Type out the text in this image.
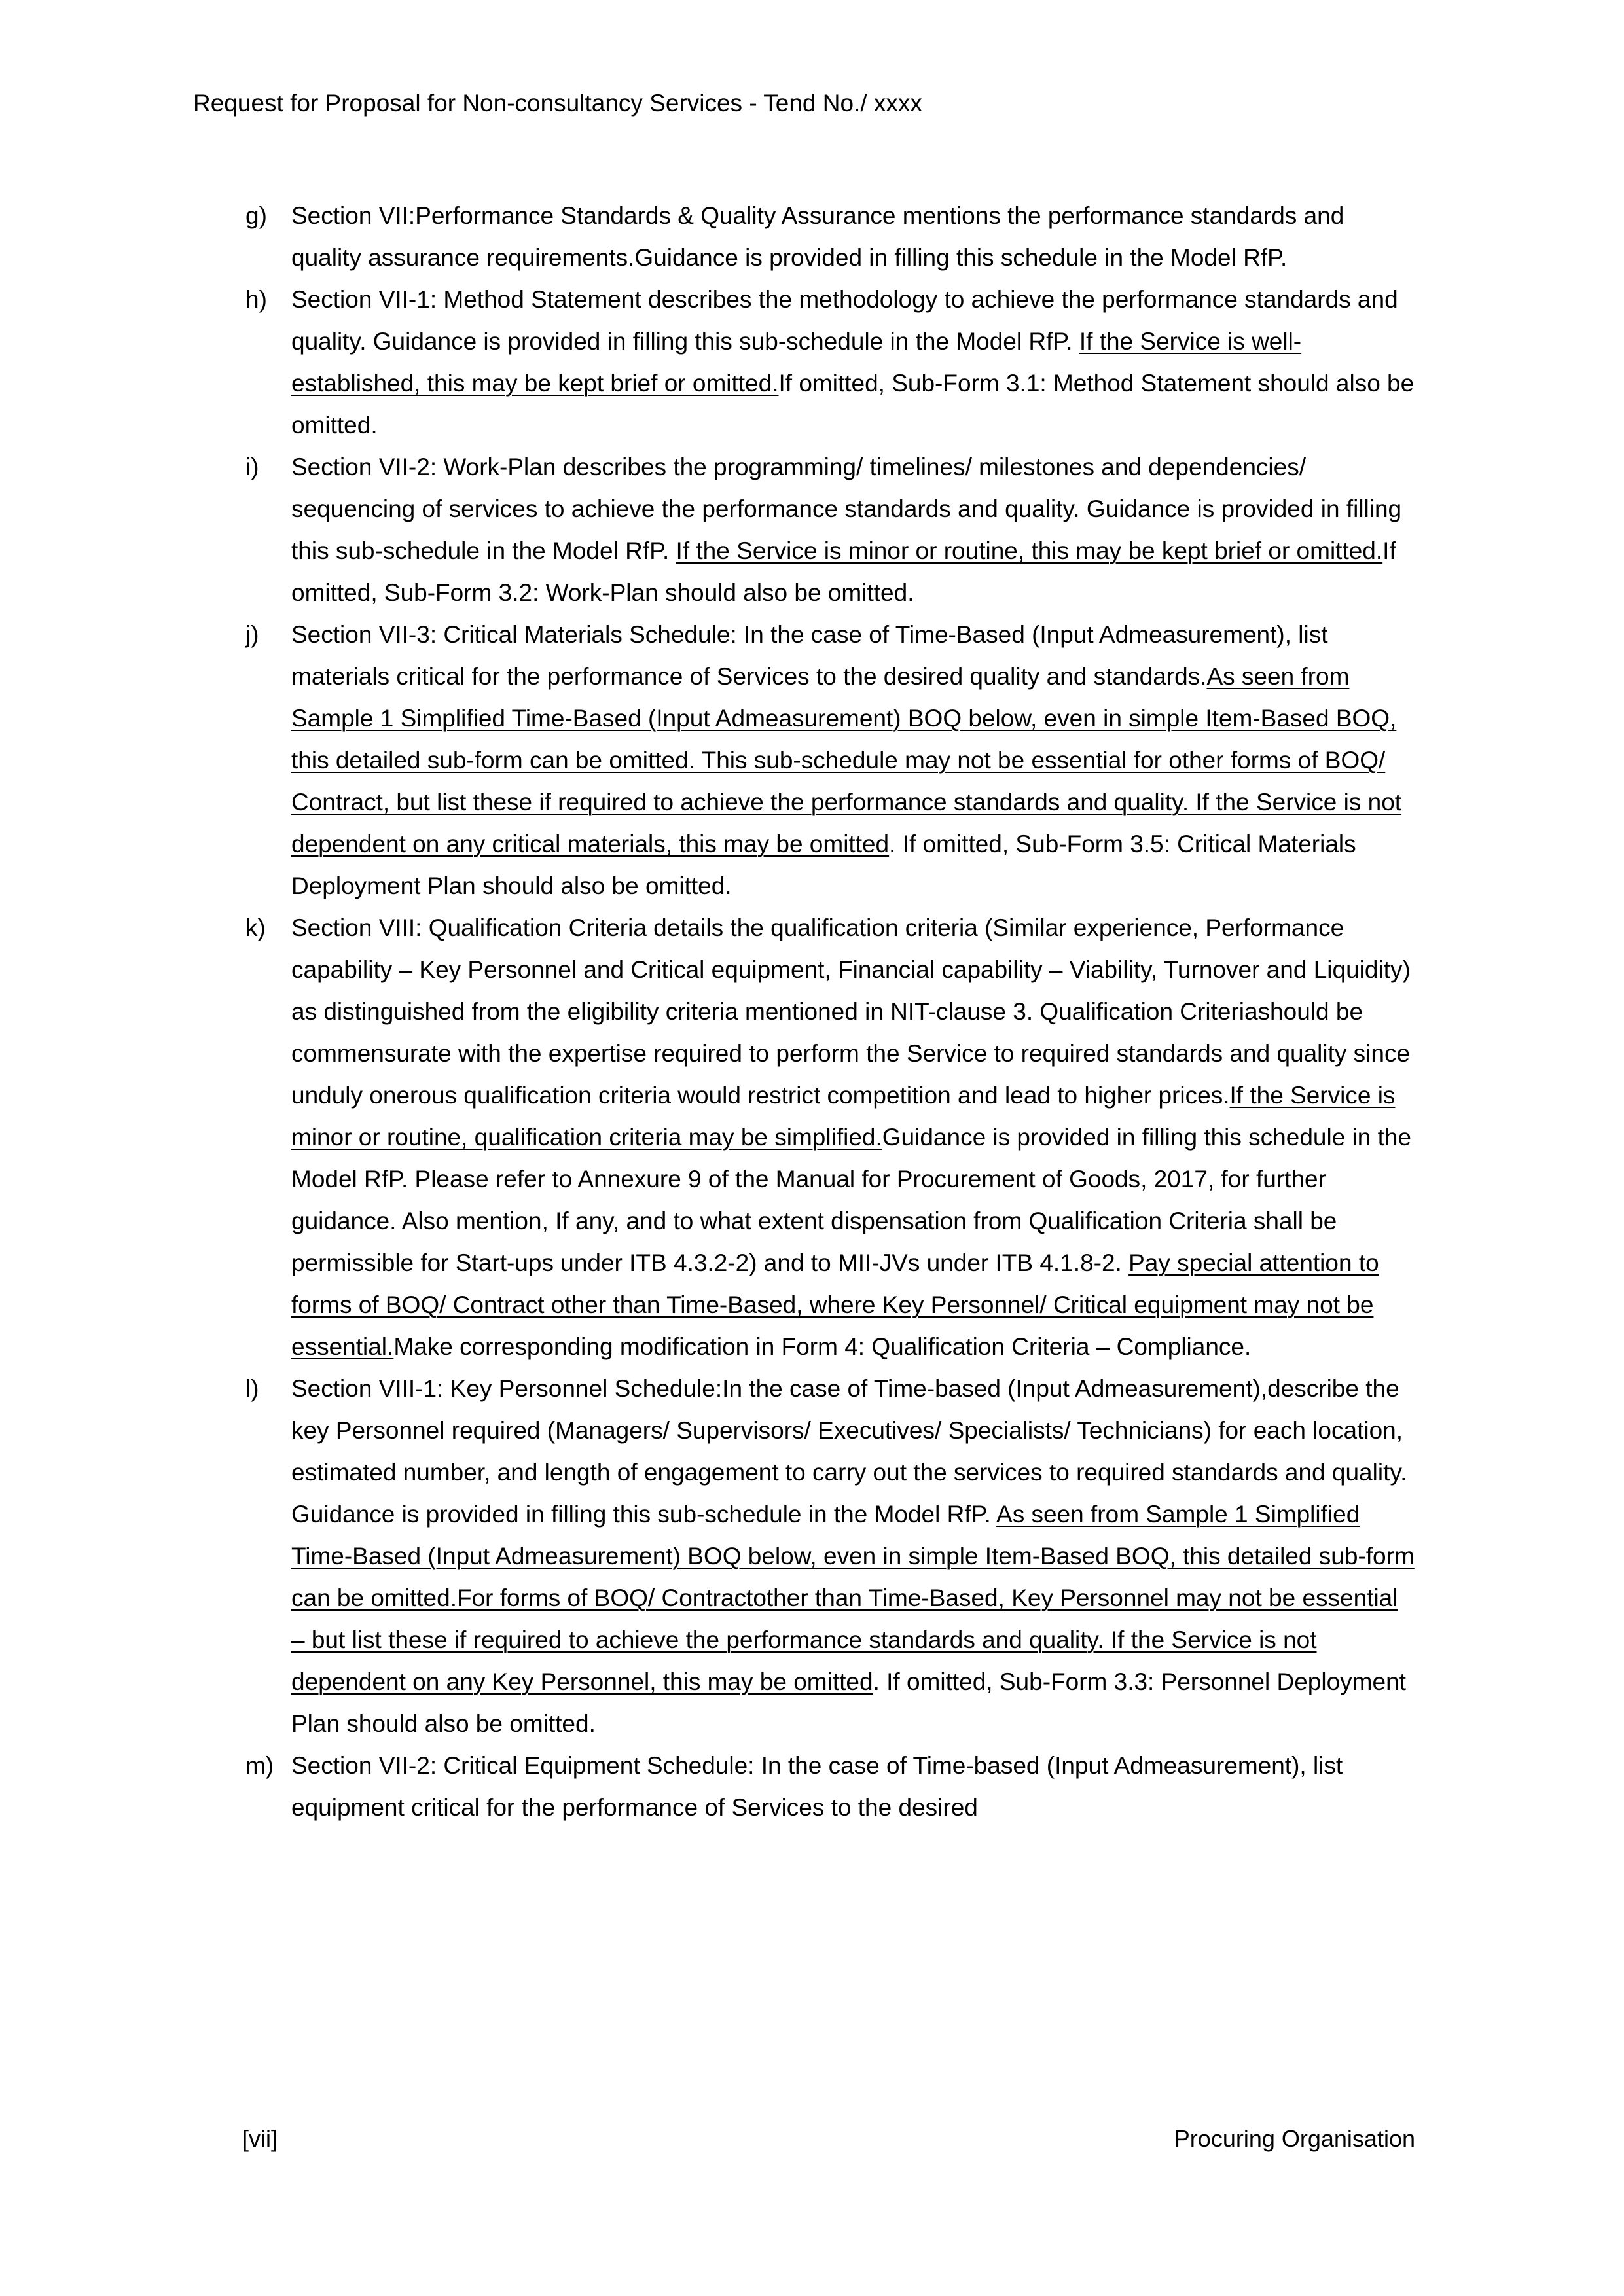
Request for Proposal for Non-consultancy Services - Tend No./ xxxx
g)	Section VII:Performance Standards & Quality Assurance mentions the performance standards and quality assurance requirements.Guidance is provided in filling this schedule in the Model RfP.
h)	Section VII-1: Method Statement describes the methodology to achieve the performance standards and quality. Guidance is provided in filling this sub-schedule in the Model RfP. If the Service is well-established, this may be kept brief or omitted.If omitted, Sub-Form 3.1: Method Statement should also be omitted.
i)	Section VII-2: Work-Plan describes the programming/ timelines/ milestones and dependencies/ sequencing of services to achieve the performance standards and quality. Guidance is provided in filling this sub-schedule in the Model RfP. If the Service is minor or routine, this may be kept brief or omitted.If omitted, Sub-Form 3.2: Work-Plan should also be omitted.
j)	Section VII-3: Critical Materials Schedule: In the case of Time-Based (Input Admeasurement), list materials critical for the performance of Services to the desired quality and standards.As seen from Sample 1 Simplified Time-Based (Input Admeasurement) BOQ below, even in simple Item-Based BOQ, this detailed sub-form can be omitted. This sub-schedule may not be essential for other forms of BOQ/ Contract, but list these if required to achieve the performance standards and quality. If the Service is not dependent on any critical materials, this may be omitted. If omitted, Sub-Form 3.5: Critical Materials Deployment Plan should also be omitted.
k)	Section VIII: Qualification Criteria details the qualification criteria (Similar experience, Performance capability – Key Personnel and Critical equipment, Financial capability – Viability, Turnover and Liquidity) as distinguished from the eligibility criteria mentioned in NIT-clause 3. Qualification Criteriashould be commensurate with the expertise required to perform the Service to required standards and quality since unduly onerous qualification criteria would restrict competition and lead to higher prices.If the Service is minor or routine, qualification criteria may be simplified.Guidance is provided in filling this schedule in the Model RfP. Please refer to Annexure 9 of the Manual for Procurement of Goods, 2017, for further guidance. Also mention, If any, and to what extent dispensation from Qualification Criteria shall be permissible for Start-ups under ITB 4.3.2-2) and to MII-JVs under ITB 4.1.8-2. Pay special attention to forms of BOQ/ Contract other than Time-Based, where Key Personnel/ Critical equipment may not be essential.Make corresponding modification in Form 4: Qualification Criteria – Compliance.
l)	Section VIII-1: Key Personnel Schedule:In the case of Time-based (Input Admeasurement),describe the key Personnel required (Managers/ Supervisors/ Executives/ Specialists/ Technicians) for each location, estimated number, and length of engagement to carry out the services to required standards and quality. Guidance is provided in filling this sub-schedule in the Model RfP. As seen from Sample 1 Simplified Time-Based (Input Admeasurement) BOQ below, even in simple Item-Based BOQ, this detailed sub-form can be omitted.For forms of BOQ/ Contractother than Time-Based, Key Personnel may not be essential – but list these if required to achieve the performance standards and quality. If the Service is not dependent on any Key Personnel, this may be omitted. If omitted, Sub-Form 3.3: Personnel Deployment Plan should also be omitted.
m) Section VII-2: Critical Equipment Schedule: In the case of Time-based (Input Admeasurement), list equipment critical for the performance of Services to the desired
[vii]	Procuring Organisation
